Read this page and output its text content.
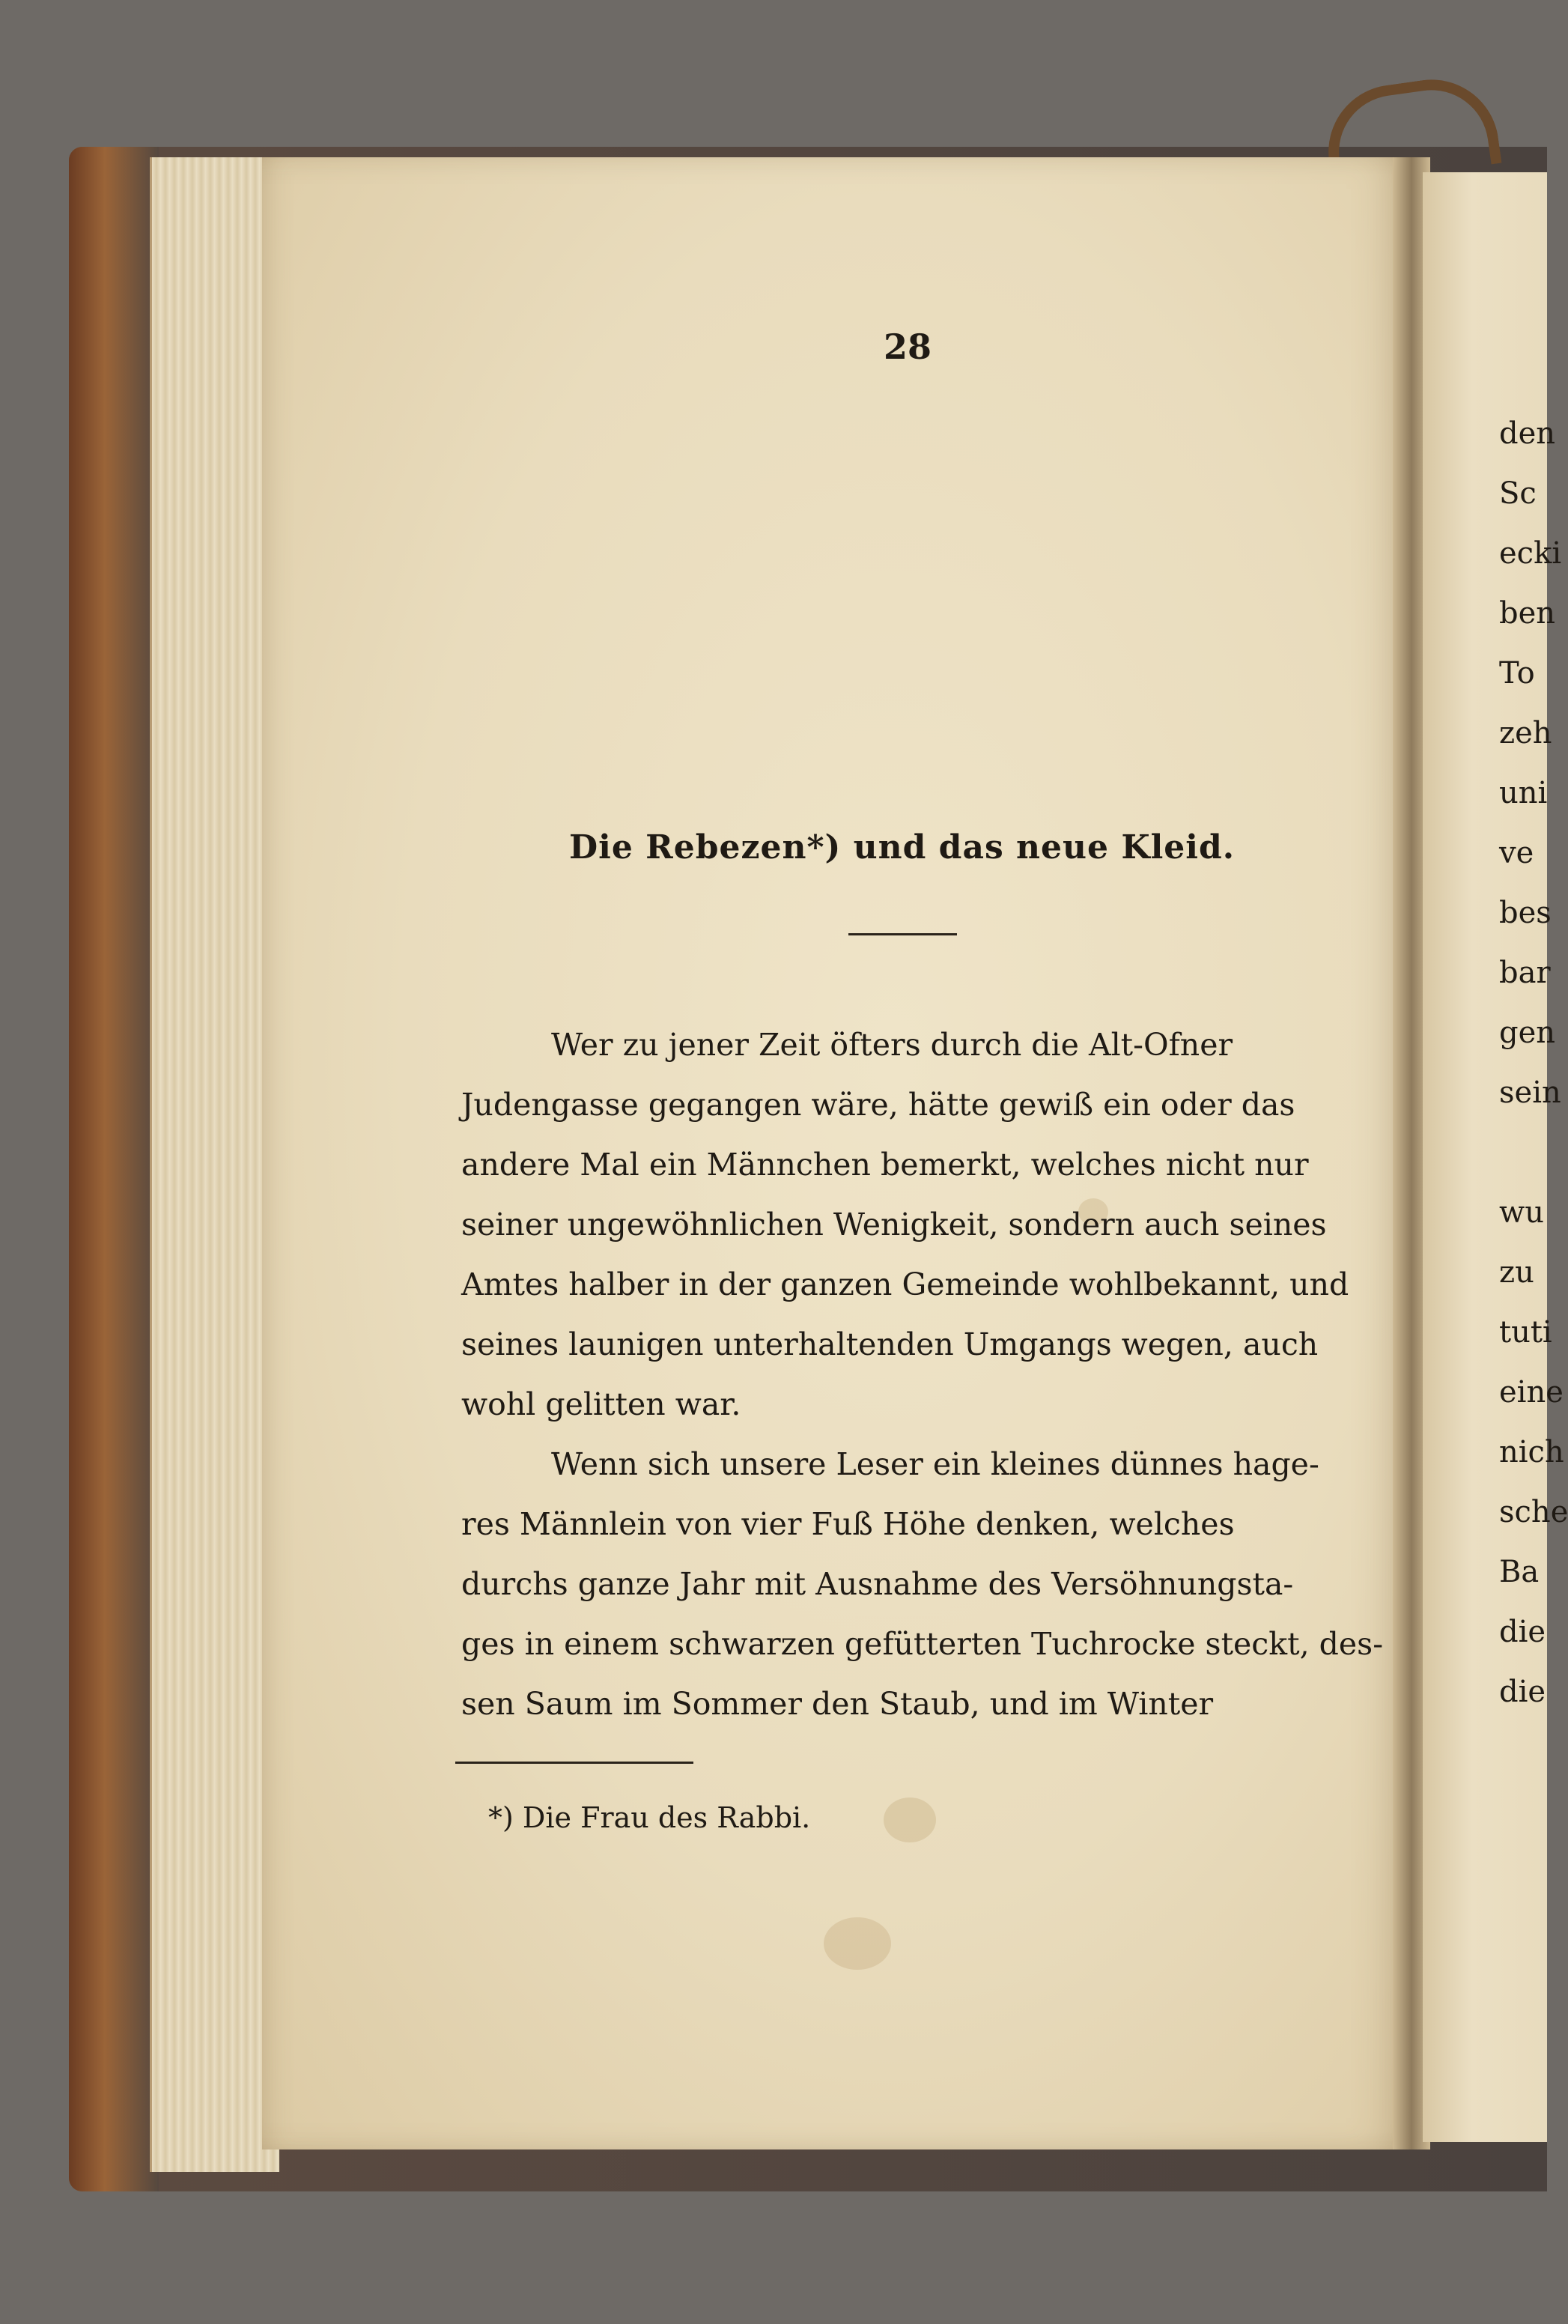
28
Die Rebezen*) und das neue Kleid.
Wer zu jener Zeit öfters durch die Alt-Ofner
Judengasse gegangen wäre, hätte gewiß ein oder das
andere Mal ein Männchen bemerkt, welches nicht nur
seiner ungewöhnlichen Wenigkeit, sondern auch seines
Amtes halber in der ganzen Gemeinde wohlbekannt, und
seines launigen unterhaltenden Umgangs wegen, auch
wohl gelitten war.
Wenn sich unsere Leser ein kleines dünnes hage-
res Männlein von vier Fuß Höhe denken, welches
durchs ganze Jahr mit Ausnahme des Versöhnungsta-
ges in einem schwarzen gefütterten Tuchrocke steckt, des-
sen Saum im Sommer den Staub, und im Winter
*) Die Frau des Rabbi.
den
Sc
ecki
ben
To
zeh
uni
ve
bes
bar
gen
sein
wu
zu
tuti
eine
nich
sche
Ba
die
die
